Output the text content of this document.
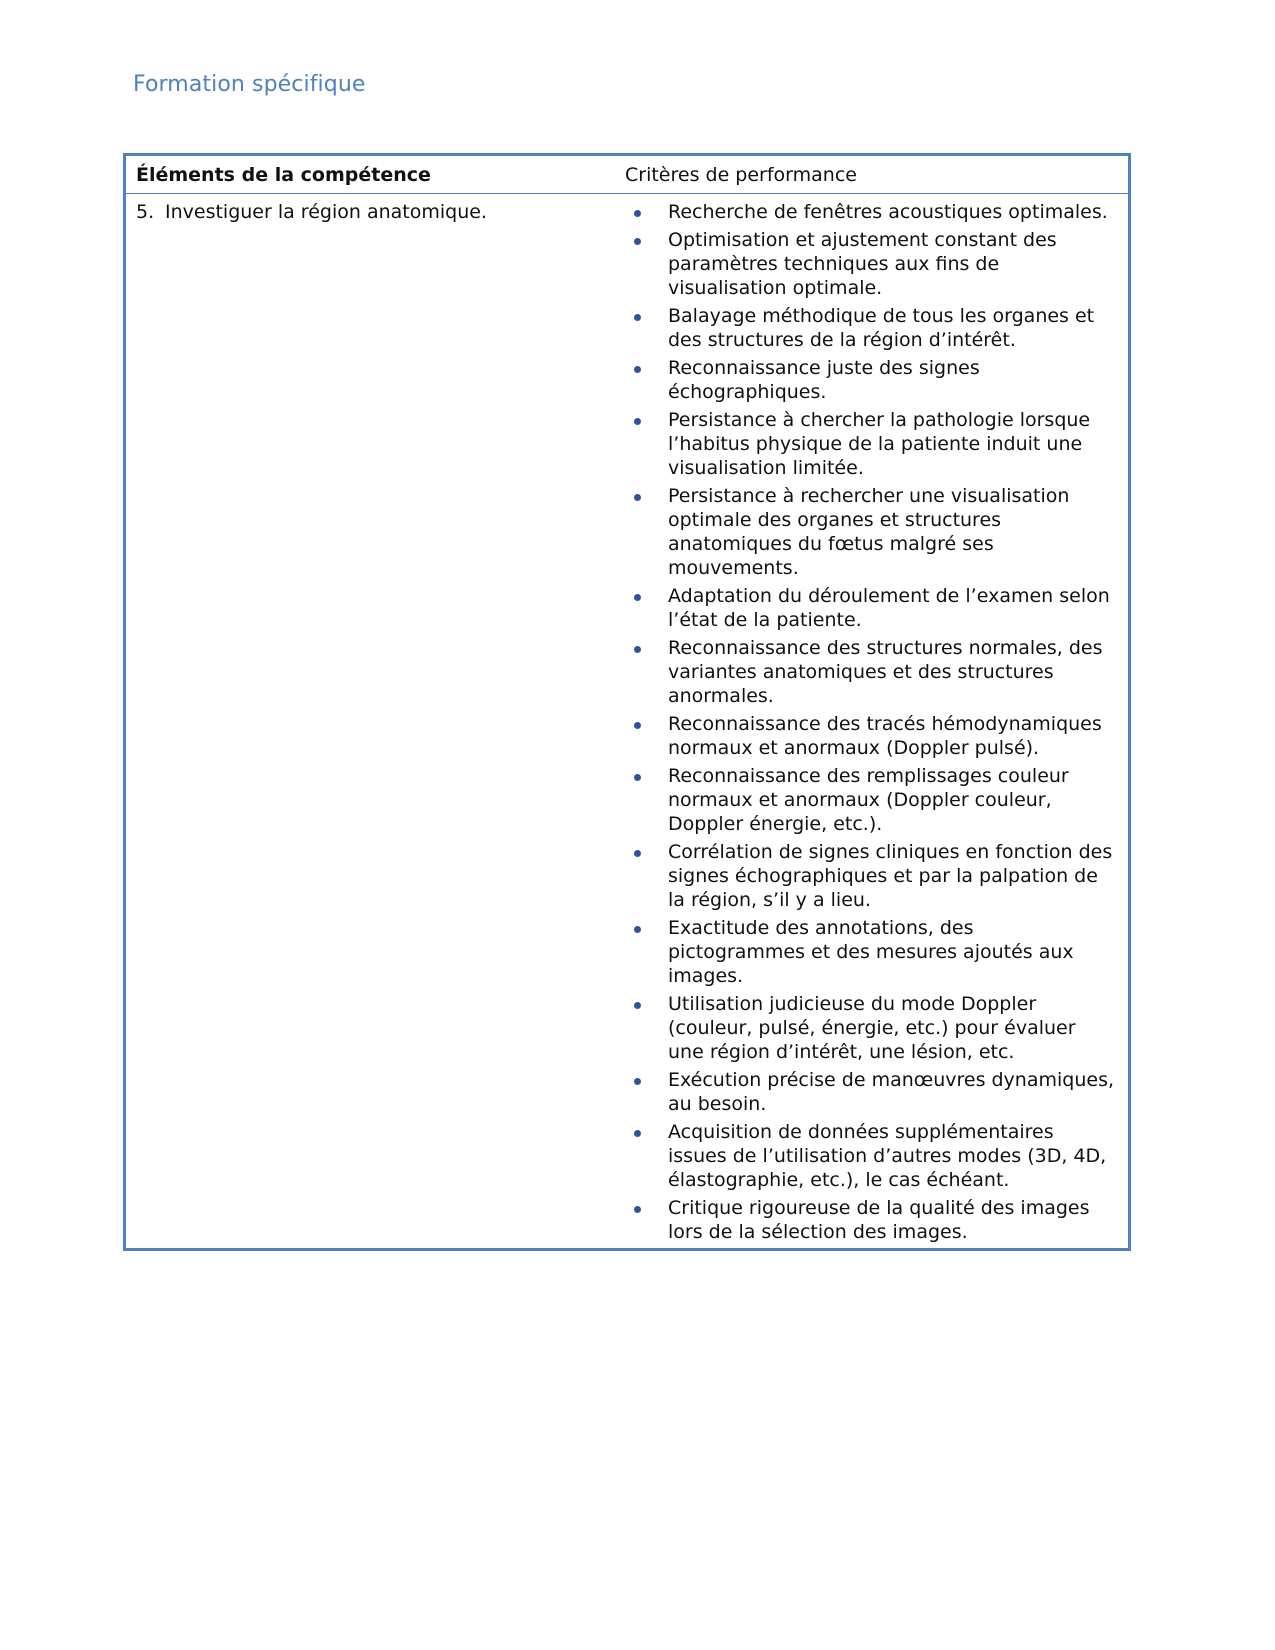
Formation spécifique
Éléments de la compétence	Critères de performance
5. Investiguer la région anatomique.	Recherche de fenêtres acoustiques optimales.
Optimisation et ajustement constant des paramètres techniques aux fins de visualisation optimale.
Balayage méthodique de tous les organes et des structures de la région d’intérêt.
Reconnaissance juste des signes échographiques.
Persistance à chercher la pathologie lorsque l’habitus physique de la patiente induit une visualisation limitée.
Persistance à rechercher une visualisation optimale des organes et structures anatomiques du fœtus malgré ses mouvements.
Adaptation du déroulement de l’examen selon l’état de la patiente.
Reconnaissance des structures normales, des variantes anatomiques et des structures anormales.
Reconnaissance des tracés hémodynamiques normaux et anormaux (Doppler pulsé).
Reconnaissance des remplissages couleur normaux et anormaux (Doppler couleur, Doppler énergie, etc.).
Corrélation de signes cliniques en fonction des signes échographiques et par la palpation de la région, s’il y a lieu.
Exactitude des annotations, des pictogrammes et des mesures ajoutés aux images.
Utilisation judicieuse du mode Doppler (couleur, pulsé, énergie, etc.) pour évaluer une région d’intérêt, une lésion, etc.
Exécution précise de manœuvres dynamiques, au besoin.
Acquisition de données supplémentaires issues de l’utilisation d’autres modes (3D, 4D, élastographie, etc.), le cas échéant.
Critique rigoureuse de la qualité des images lors de la sélection des images.
